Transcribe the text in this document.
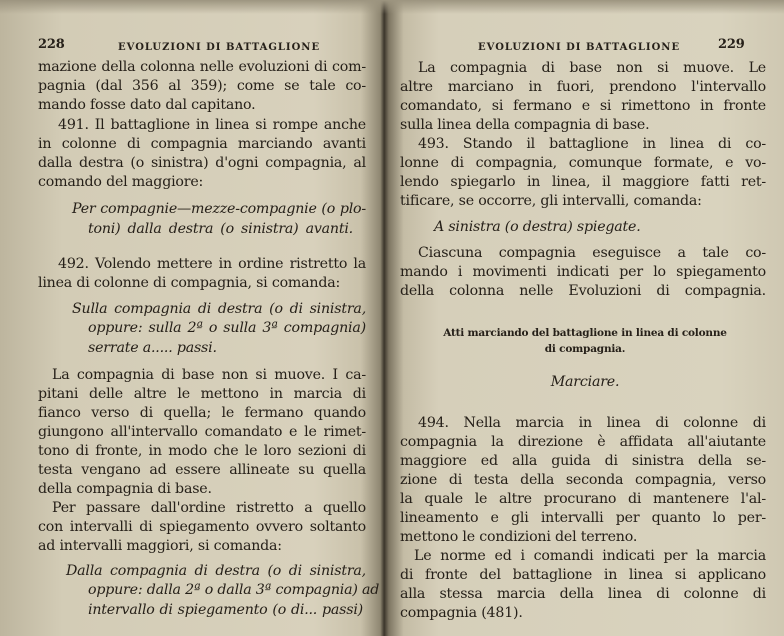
228	EVOLUZIONI DI BATTAGLIONE	EVOLUZIONI DI BATTAGLIONE	229
mazione della colonna nelle evoluzioni di com-
pagnia (dal 356 al 359); come se tale co-
mando fosse dato dal capitano.
491. Il battaglione in linea si rompe anche
in colonne di compagnia marciando avanti
dalla destra (o sinistra) d'ogni compagnia, al
comando del maggiore:
Per compagnie—mezze-compagnie (o plo-
toni) dalla destra (o sinistra) avanti.
492. Volendo mettere in ordine ristretto la
linea di colonne di compagnia, si comanda:
Sulla compagnia di destra (o di sinistra,
oppure: sulla 2ª o sulla 3ª compagnia)
serrate a..... passi.
La compagnia di base non si muove. I ca-
pitani delle altre le mettono in marcia di
fianco verso di quella; le fermano quando
giungono all'intervallo comandato e le rimet-
tono di fronte, in modo che le loro sezioni di
testa vengano ad essere allineate su quella
della compagnia di base.
Per passare dall'ordine ristretto a quello
con intervalli di spiegamento ovvero soltanto
ad intervalli maggiori, si comanda:
Dalla compagnia di destra (o di sinistra,
oppure: dalla 2ª o dalla 3ª compagnia) ad
intervallo di spiegamento (o di... passi)
La compagnia di base non si muove. Le
altre marciano in fuori, prendono l'intervallo
comandato, si fermano e si rimettono in fronte
sulla linea della compagnia di base.
493. Stando il battaglione in linea di co-
lonne di compagnia, comunque formate, e vo-
lendo spiegarlo in linea, il maggiore fatti ret-
tificare, se occorre, gli intervalli, comanda:
A sinistra (o destra) spiegate.
Ciascuna compagnia eseguisce a tale co-
mando i movimenti indicati per lo spiegamento
della colonna nelle Evoluzioni di compagnia.
Atti marciando del battaglione in linea di colonne
di compagnia.
Marciare.
494. Nella marcia in linea di colonne di
compagnia la direzione è affidata all'aiutante
maggiore ed alla guida di sinistra della se-
zione di testa della seconda compagnia, verso
la quale le altre procurano di mantenere l'al-
lineamento e gli intervalli per quanto lo per-
mettono le condizioni del terreno.
Le norme ed i comandi indicati per la marcia
di fronte del battaglione in linea si applicano
alla stessa marcia della linea di colonne di
compagnia (481).
